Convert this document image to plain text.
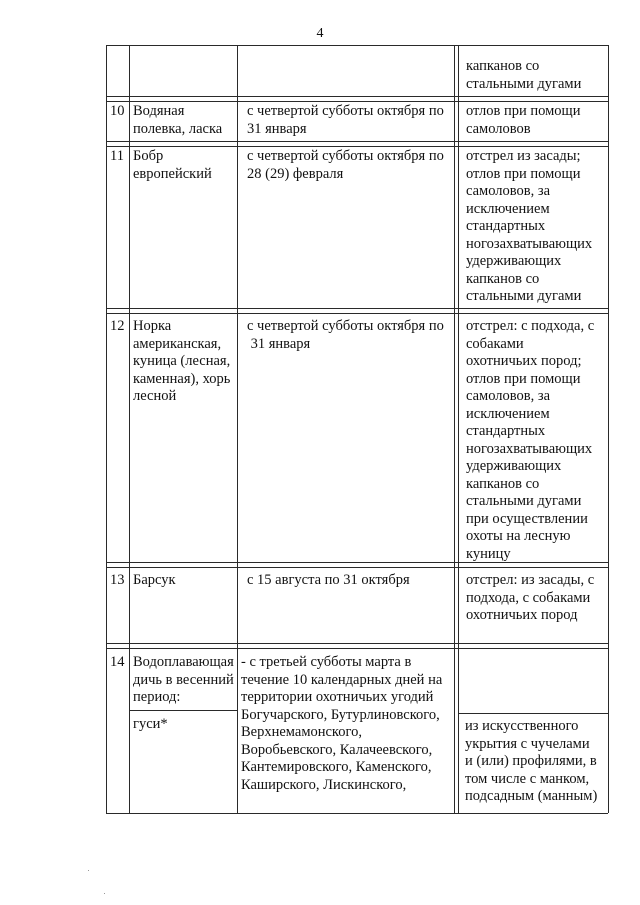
4
капканов со
стальными дугами
10 Водяная
полевка, ласка
с четвертой субботы октября по
31 января
отлов при помощи
самоловов
11 Бобр
европейский
с четвертой субботы октября по
28 (29) февраля
отстрел из засады;
отлов при помощи
самоловов, за
исключением
стандартных
ногозахватывающих
удерживающих
капканов со
стальными дугами
12 Норка
американская,
куница (лесная,
каменная), хорь
лесной
с четвертой субботы октября по
31 января
отстрел: с подхода, с
собаками
охотничьих пород;
отлов при помощи
самоловов, за
исключением
стандартных
ногозахватывающих
удерживающих
капканов со
стальными дугами
при осуществлении
охоты на лесную
куницу
13 Барсук	с 15 августа по 31 октября	отстрел: из засады, с
подхода, с собаками
охотничьих пород
14 Водоплавающая
дичь в весенний
период:
гуси*
- с третьей субботы марта в
течение 10 календарных дней на
территории охотничьих угодий
Богучарского, Бутурлиновского,
Верхнемамонского,
Воробьевского, Калачеевского,
Кантемировского, Каменского,
Каширского, Лискинского,
из искусственного
укрытия с чучелами
и (или) профилями, в
том числе с манком,
подсадным (манным)
